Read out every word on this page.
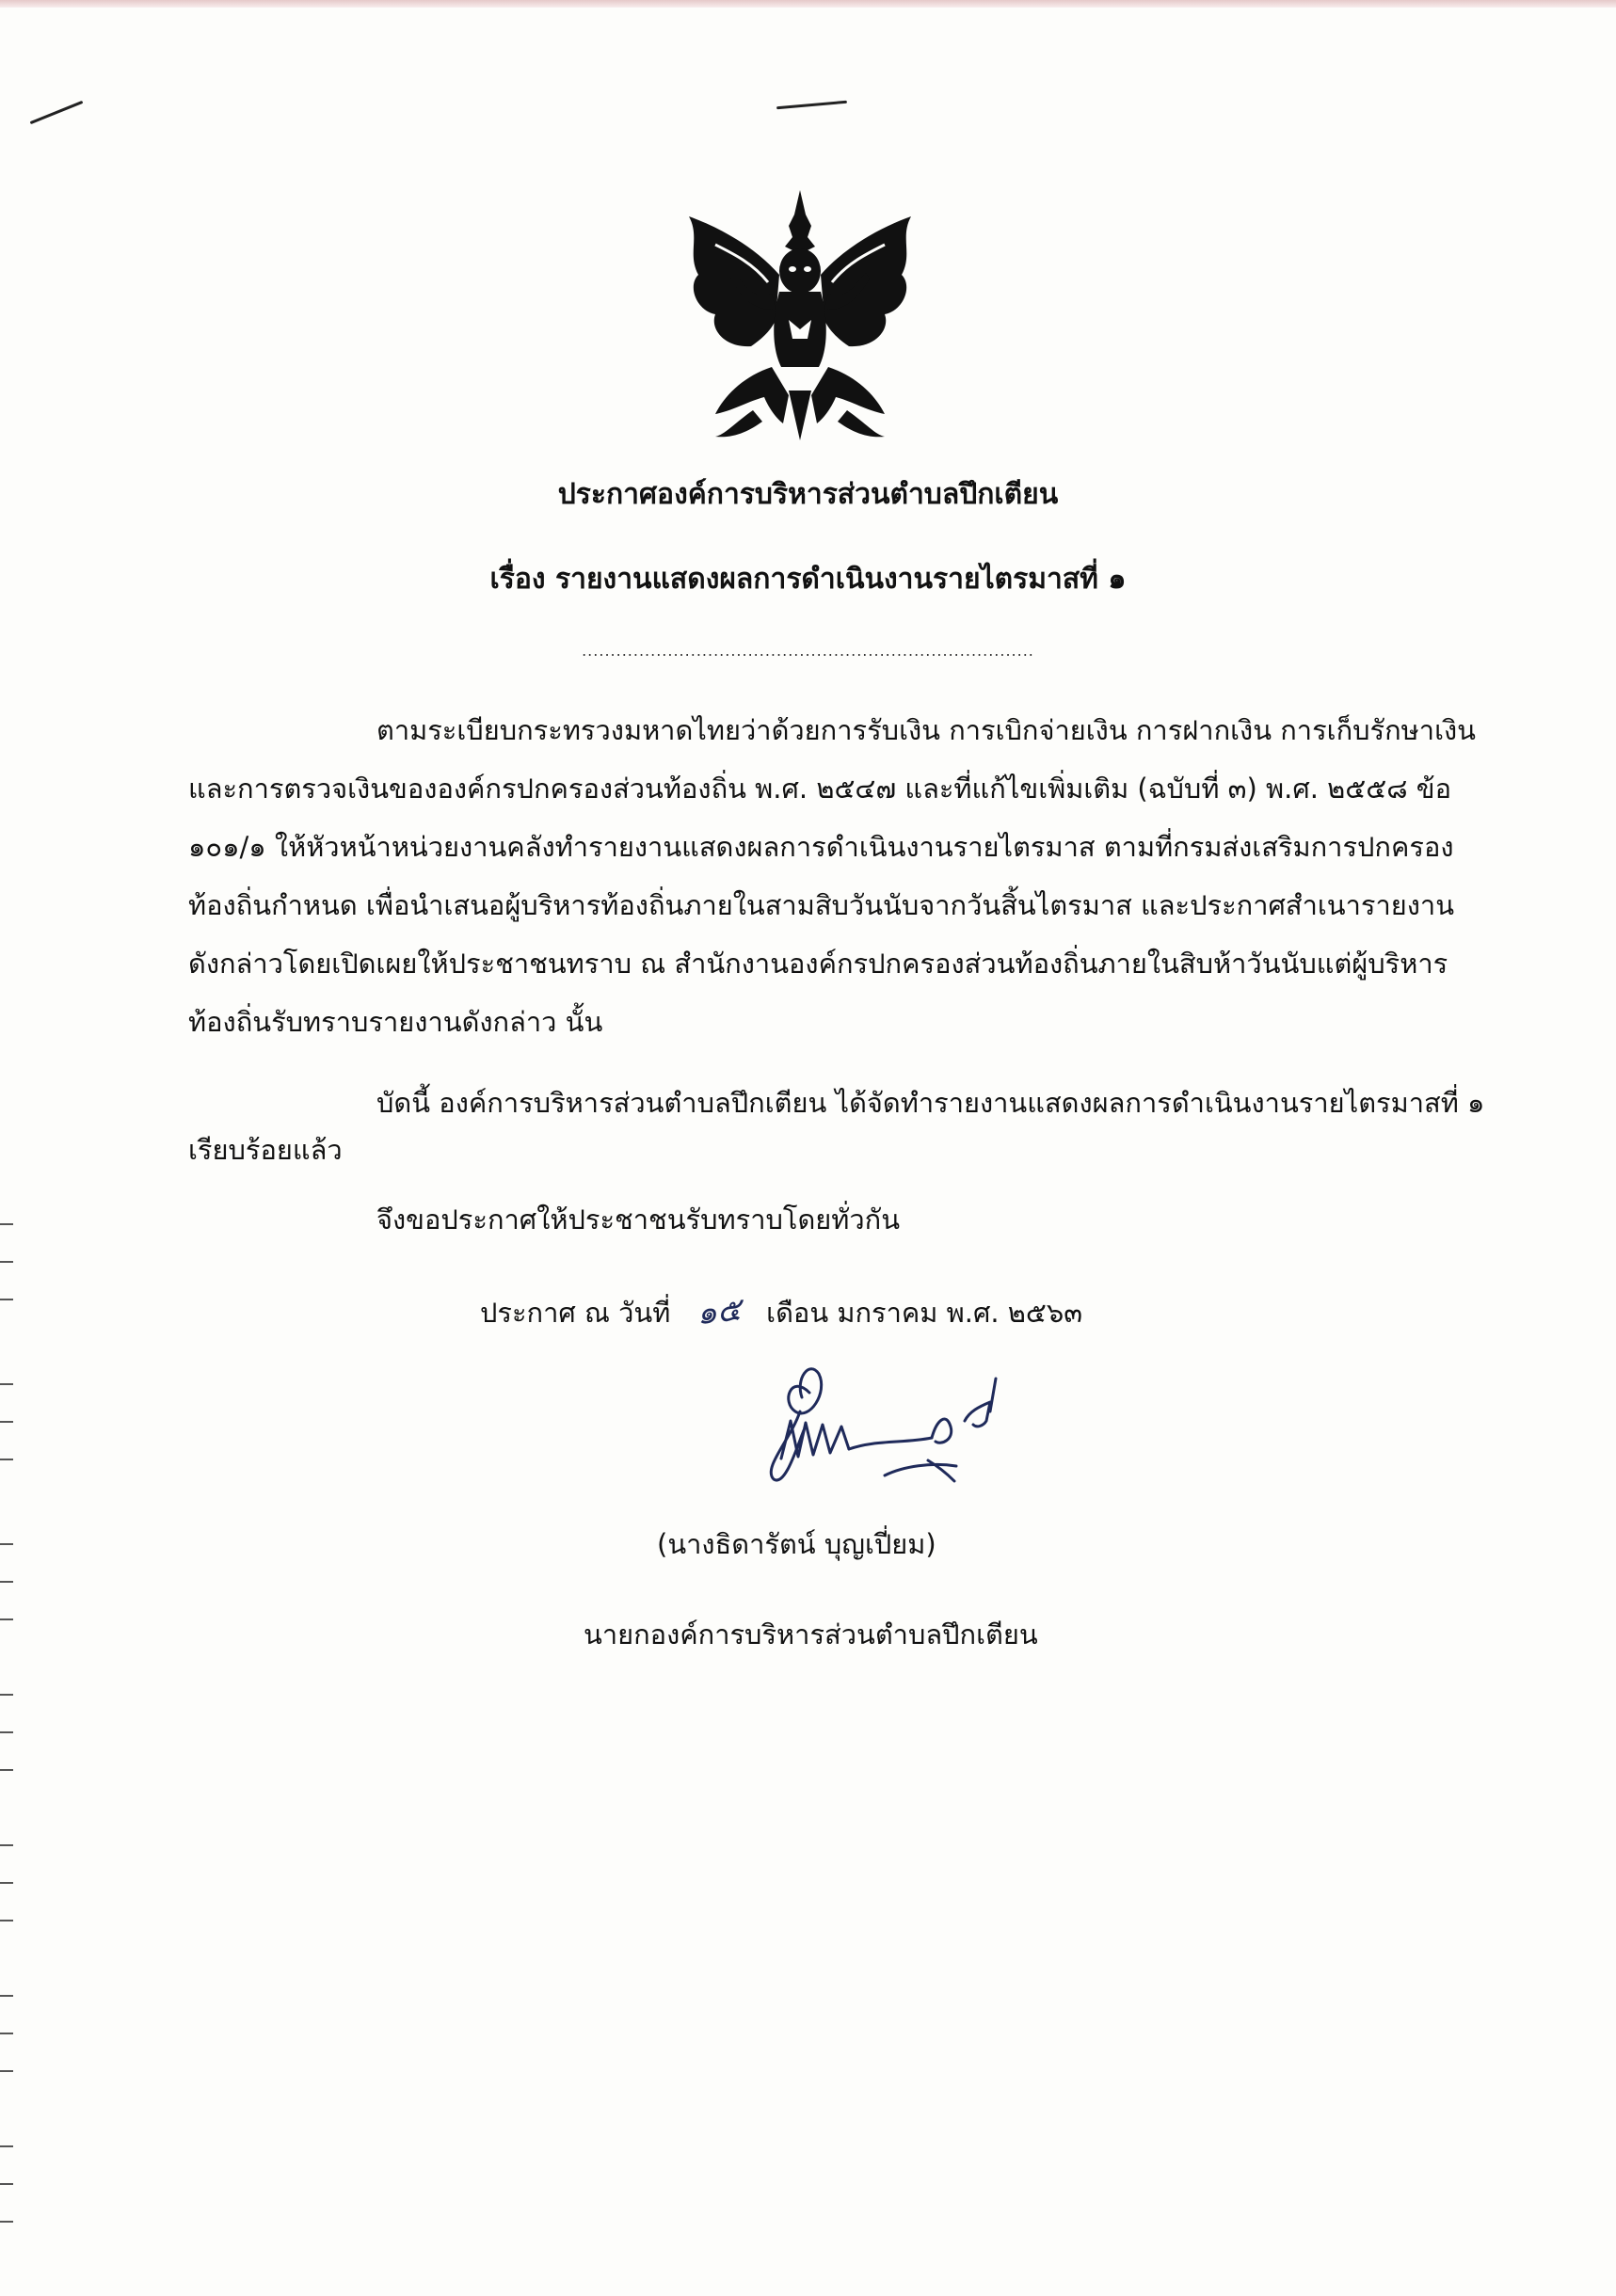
ประกาศองค์การบริหารส่วนตำบลปึกเตียน
เรื่อง รายงานแสดงผลการดำเนินงานรายไตรมาสที่ ๑
...............................................................................
ตามระเบียบกระทรวงมหาดไทยว่าด้วยการรับเงิน การเบิกจ่ายเงิน การฝากเงิน การเก็บรักษาเงิน
และการตรวจเงินขององค์กรปกครองส่วนท้องถิ่น พ.ศ. ๒๕๔๗ และที่แก้ไขเพิ่มเติม (ฉบับที่ ๓) พ.ศ. ๒๕๕๘ ข้อ
๑๐๑/๑ ให้หัวหน้าหน่วยงานคลังทำรายงานแสดงผลการดำเนินงานรายไตรมาส ตามที่กรมส่งเสริมการปกครอง
ท้องถิ่นกำหนด เพื่อนำเสนอผู้บริหารท้องถิ่นภายในสามสิบวันนับจากวันสิ้นไตรมาส และประกาศสำเนารายงาน
ดังกล่าวโดยเปิดเผยให้ประชาชนทราบ ณ สำนักงานองค์กรปกครองส่วนท้องถิ่นภายในสิบห้าวันนับแต่ผู้บริหาร
ท้องถิ่นรับทราบรายงานดังกล่าว นั้น
บัดนี้ องค์การบริหารส่วนตำบลปึกเตียน ได้จัดทำรายงานแสดงผลการดำเนินงานรายไตรมาสที่ ๑
เรียบร้อยแล้ว
จึงขอประกาศให้ประชาชนรับทราบโดยทั่วกัน
ประกาศ ณ วันที่ ๑๕ เดือน มกราคม พ.ศ. ๒๕๖๓
(นางธิดารัตน์ บุญเปี่ยม)
นายกองค์การบริหารส่วนตำบลปึกเตียน
